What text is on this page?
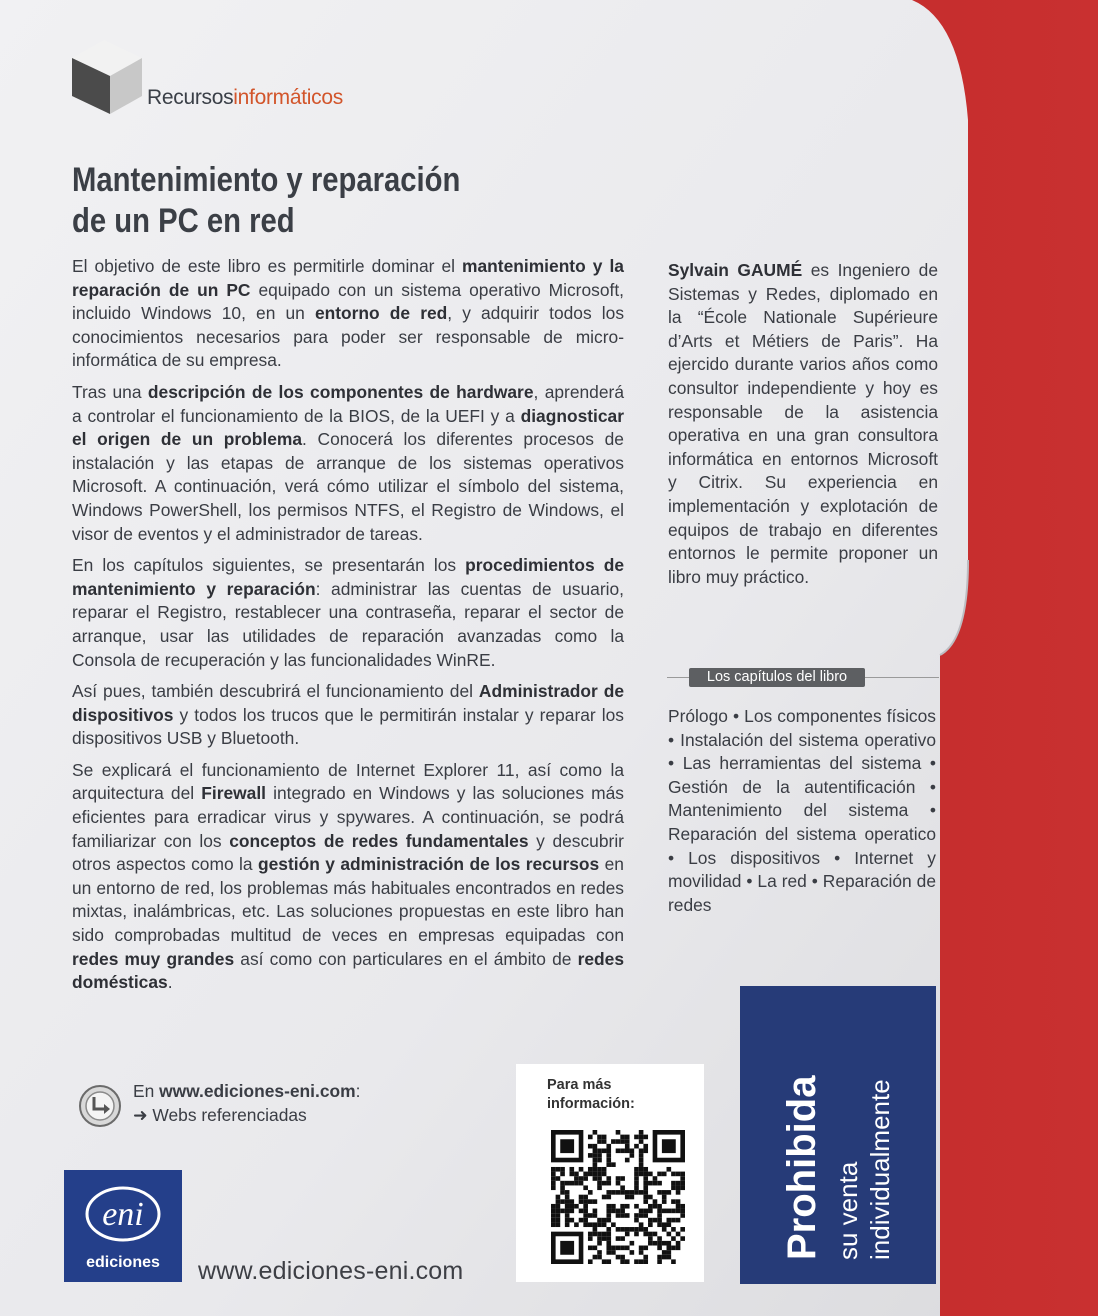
Recursosinformáticos
Mantenimiento y reparación
de un PC en red

El objetivo de este libro es permitirle dominar el mantenimiento y la reparación de un PC equipado con un sistema operativo Microsoft, incluido Windows 10, en un entorno de red, y adquirir todos los conocimientos necesarios para poder ser responsable de micro-informática de su empresa.

Tras una descripción de los componentes de hardware, aprenderá a controlar el funcionamiento de la BIOS, de la UEFI y a diagnosticar el origen de un problema. Conocerá los diferentes procesos de instalación y las etapas de arranque de los sistemas operativos Microsoft. A continuación, verá cómo utilizar el símbolo del sistema, Windows PowerShell, los permisos NTFS, el Registro de Windows, el visor de eventos y el administrador de tareas.

En los capítulos siguientes, se presentarán los procedimientos de mantenimiento y reparación: administrar las cuentas de usuario, reparar el Registro, restablecer una contraseña, reparar el sector de arranque, usar las utilidades de reparación avanzadas como la Consola de recuperación y las funcionalidades WinRE.

Así pues, también descubrirá el funcionamiento del Administrador de dispositivos y todos los trucos que le permitirán instalar y reparar los dispositivos USB y Bluetooth.

Se explicará el funcionamiento de Internet Explorer 11, así como la arquitectura del Firewall integrado en Windows y las soluciones más eficientes para erradicar virus y spywares. A continuación, se podrá familiarizar con los conceptos de redes fundamentales y descubrir otros aspectos como la gestión y administración de los recursos en un entorno de red, los problemas más habituales encontrados en redes mixtas, inalámbricas, etc. Las soluciones propuestas en este libro han sido comprobadas multitud de veces en empresas equipadas con redes muy grandes así como con particulares en el ámbito de redes domésticas.

Sylvain GAUMÉ es Ingeniero de Sistemas y Redes, diplomado en la “École Nationale Supérieure d’Arts et Métiers de Paris”. Ha ejercido durante varios años como consultor independiente y hoy es responsable de la asistencia operativa en una gran consultora informática en entornos Microsoft y Citrix. Su experiencia en implementación y explotación de equipos de trabajo en diferentes entornos le permite proponer un libro muy práctico.
Los capítulos del libro
Prólogo • Los componentes físicos • Instalación del sistema operativo • Las herramientas del sistema • Gestión de la autentificación • Mantenimiento del sistema • Reparación del sistema operatico • Los dispositivos • Internet y movilidad • La red • Reparación de redes
En www.ediciones-eni.com:
➜ Webs referenciadas
eni
ediciones	www.ediciones-eni.com
Para más
información:	Prohibida su venta individualmente
